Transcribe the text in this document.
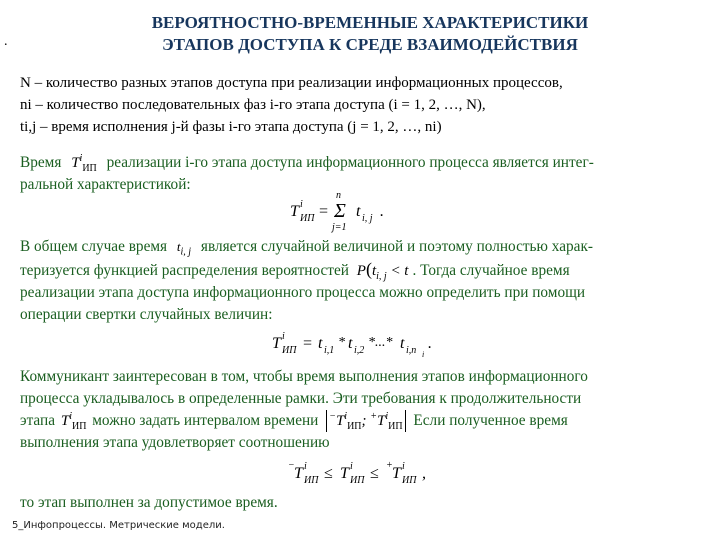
.
ВЕРОЯТНОСТНО-ВРЕМЕННЫЕ ХАРАКТЕРИСТИКИ
ЭТАПОВ ДОСТУПА К СРЕДЕ ВЗАИМОДЕЙСТВИЯ
N – количество разных этапов доступа при реализации информационных процессов,
ni – количество последовательных фаз i-го этапа доступа (i = 1, 2, …, N),
ti,j – время исполнения j-й фазы i-го этапа доступа (j = 1, 2, …, ni)
Время $T^i_{ИП}$ реализации i-го этапа доступа информационного процесса является интег-
ральной характеристикой:
T i
ИП =
n
Σ
j=1
t i, j .
В общем случае время $t_{i, j}$ является случайной величиной и поэтому полностью харак-
теризуется функцией распределения вероятностей $P(t_{i, j} < t$ . Тогда случайное время
реализации этапа доступа информационного процесса можно определить при помощи
операции свертки случайных величин:
T i
ИП = t i,1
* t i,2
*...* t i,n i
.
Коммуникант заинтересован в том, чтобы время выполнения этапов информационного
процесса укладывалось в определенные рамки. Эти требования к продолжительности
этапа $T^i_{ИП}$ можно задать интервалом времени $^-T^i_{ИП}$; $^+T^i_{ИП}$ Если полученное время
выполнения этапа удовлетворяет соотношению
− T i
ИП ≤ T i
ИП ≤ + T i
ИП ,
то этап выполнен за допустимое время.
5_Инфопроцессы. Метрические модели.
